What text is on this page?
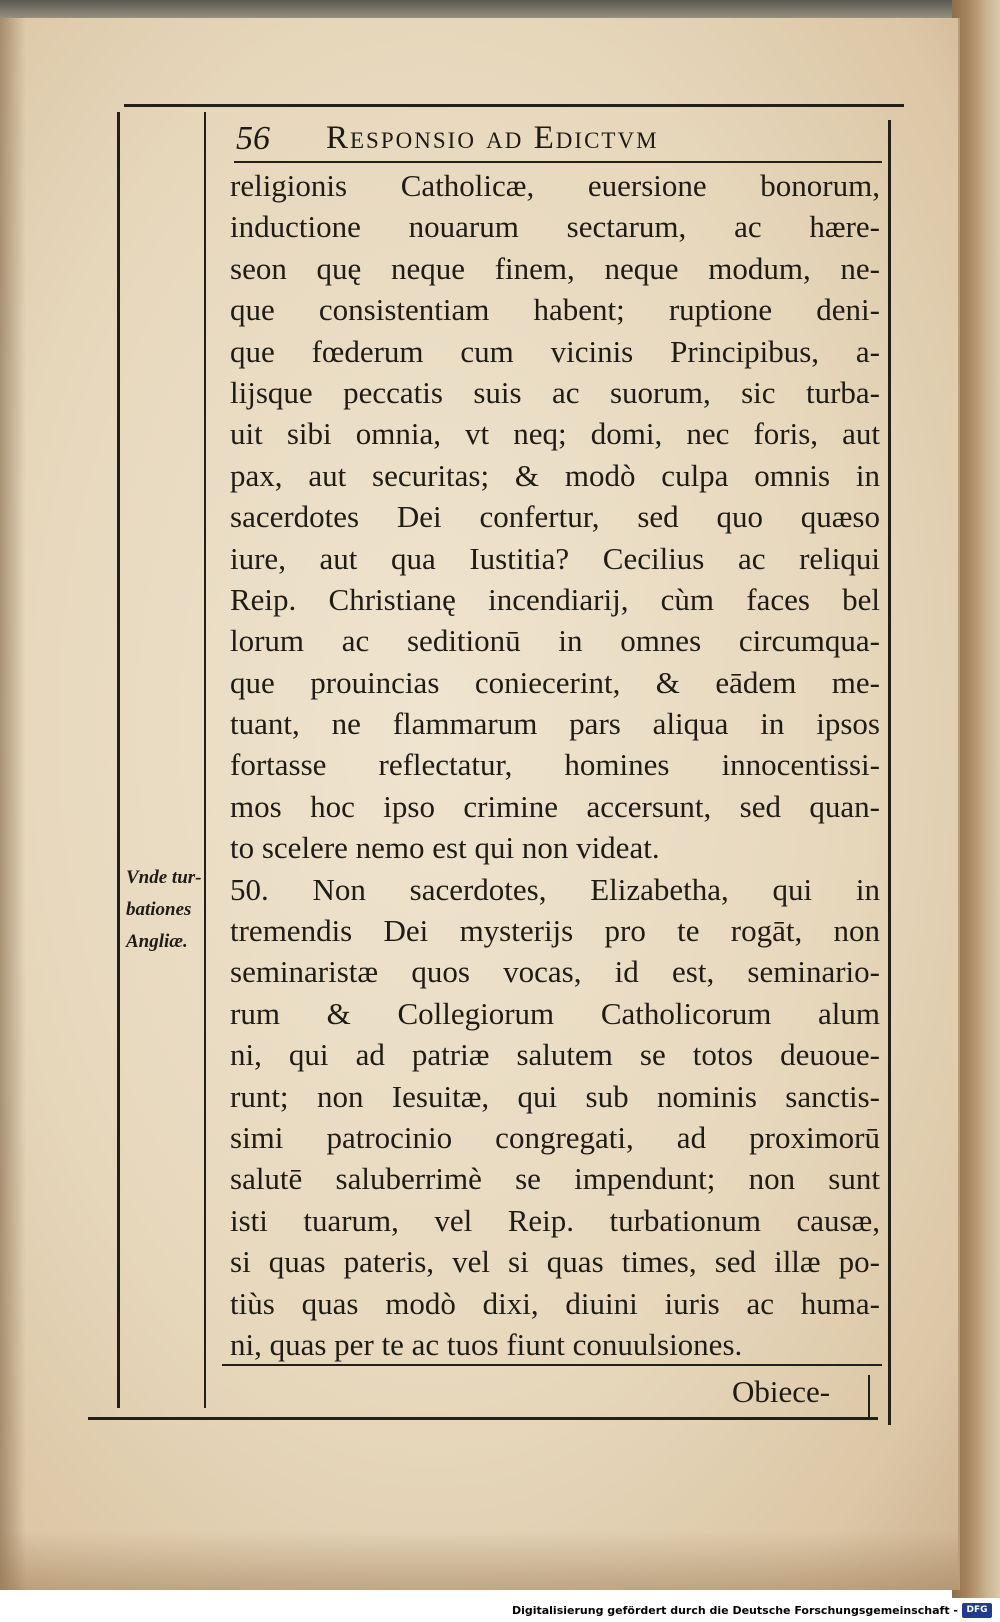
56 Responsio ad Edictvm
religionis Catholicæ, euersione bonorum,
inductione nouarum sectarum, ac hære-
seon quę neque finem, neque modum, ne-
que consistentiam habent; ruptione deni-
que fœderum cum vicinis Principibus, a-
lijsque peccatis suis ac suorum, sic turba-
uit sibi omnia, vt neq; domi, nec foris, aut
pax, aut securitas; & modò culpa omnis in
sacerdotes Dei confertur, sed quo quæso
iure, aut qua Iustitia? Cecilius ac reliqui
Reip. Christianę incendiarij, cùm faces bel
lorum ac seditionū in omnes circumqua-
que prouincias coniecerint, & eādem me-
tuant, ne flammarum pars aliqua in ipsos
fortasse reflectatur, homines innocentissi-
mos hoc ipso crimine accersunt, sed quan-
to scelere nemo est qui non videat.
50. Non sacerdotes, Elizabetha, qui in
tremendis Dei mysterijs pro te rogāt, non
seminaristæ quos vocas, id est, seminario-
rum & Collegiorum Catholicorum alum
ni, qui ad patriæ salutem se totos deuoue-
runt; non Iesuitæ, qui sub nominis sanctis-
simi patrocinio congregati, ad proximorū
salutē saluberrimè se impendunt; non sunt
isti tuarum, vel Reip. turbationum causæ,
si quas pateris, vel si quas times, sed illæ po-
tiùs quas modò dixi, diuini iuris ac huma-
ni, quas per te ac tuos fiunt conuulsiones.
Vnde tur-
bationes
Angliæ.
Obiece-
Digitalisierung gefördert durch die Deutsche Forschungsgemeinschaft - DFG
